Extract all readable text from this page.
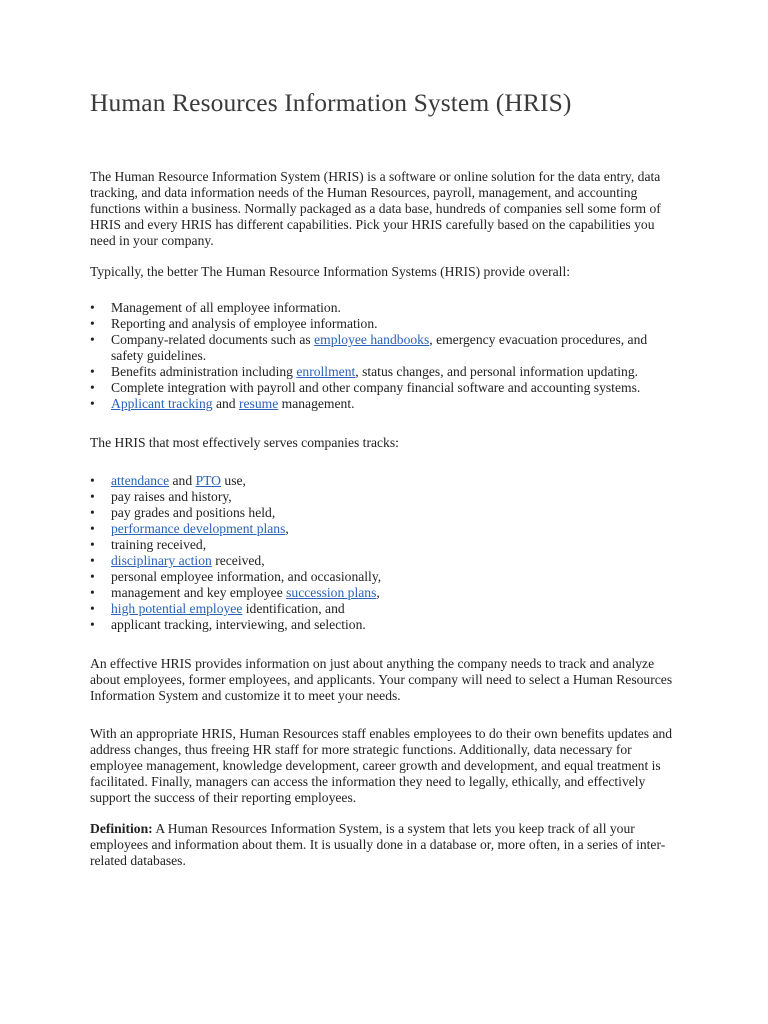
Human Resources Information System (HRIS)

The Human Resource Information System (HRIS) is a software or online solution for the data entry, data tracking, and data information needs of the Human Resources, payroll, management, and accounting functions within a business. Normally packaged as a data base, hundreds of companies sell some form of HRIS and every HRIS has different capabilities. Pick your HRIS carefully based on the capabilities you need in your company.

Typically, the better The Human Resource Information Systems (HRIS) provide overall:

• Management of all employee information.
• Reporting and analysis of employee information.
• Company-related documents such as employee handbooks, emergency evacuation procedures, and safety guidelines.
• Benefits administration including enrollment, status changes, and personal information updating.
• Complete integration with payroll and other company financial software and accounting systems.
• Applicant tracking and resume management.

The HRIS that most effectively serves companies tracks:

• attendance and PTO use,
• pay raises and history,
• pay grades and positions held,
• performance development plans,
• training received,
• disciplinary action received,
• personal employee information, and occasionally,
• management and key employee succession plans,
• high potential employee identification, and
• applicant tracking, interviewing, and selection.

An effective HRIS provides information on just about anything the company needs to track and analyze about employees, former employees, and applicants. Your company will need to select a Human Resources Information System and customize it to meet your needs.

With an appropriate HRIS, Human Resources staff enables employees to do their own benefits updates and address changes, thus freeing HR staff for more strategic functions. Additionally, data necessary for employee management, knowledge development, career growth and development, and equal treatment is facilitated. Finally, managers can access the information they need to legally, ethically, and effectively support the success of their reporting employees.

Definition: A Human Resources Information System, is a system that lets you keep track of all your employees and information about them. It is usually done in a database or, more often, in a series of inter-related databases.
